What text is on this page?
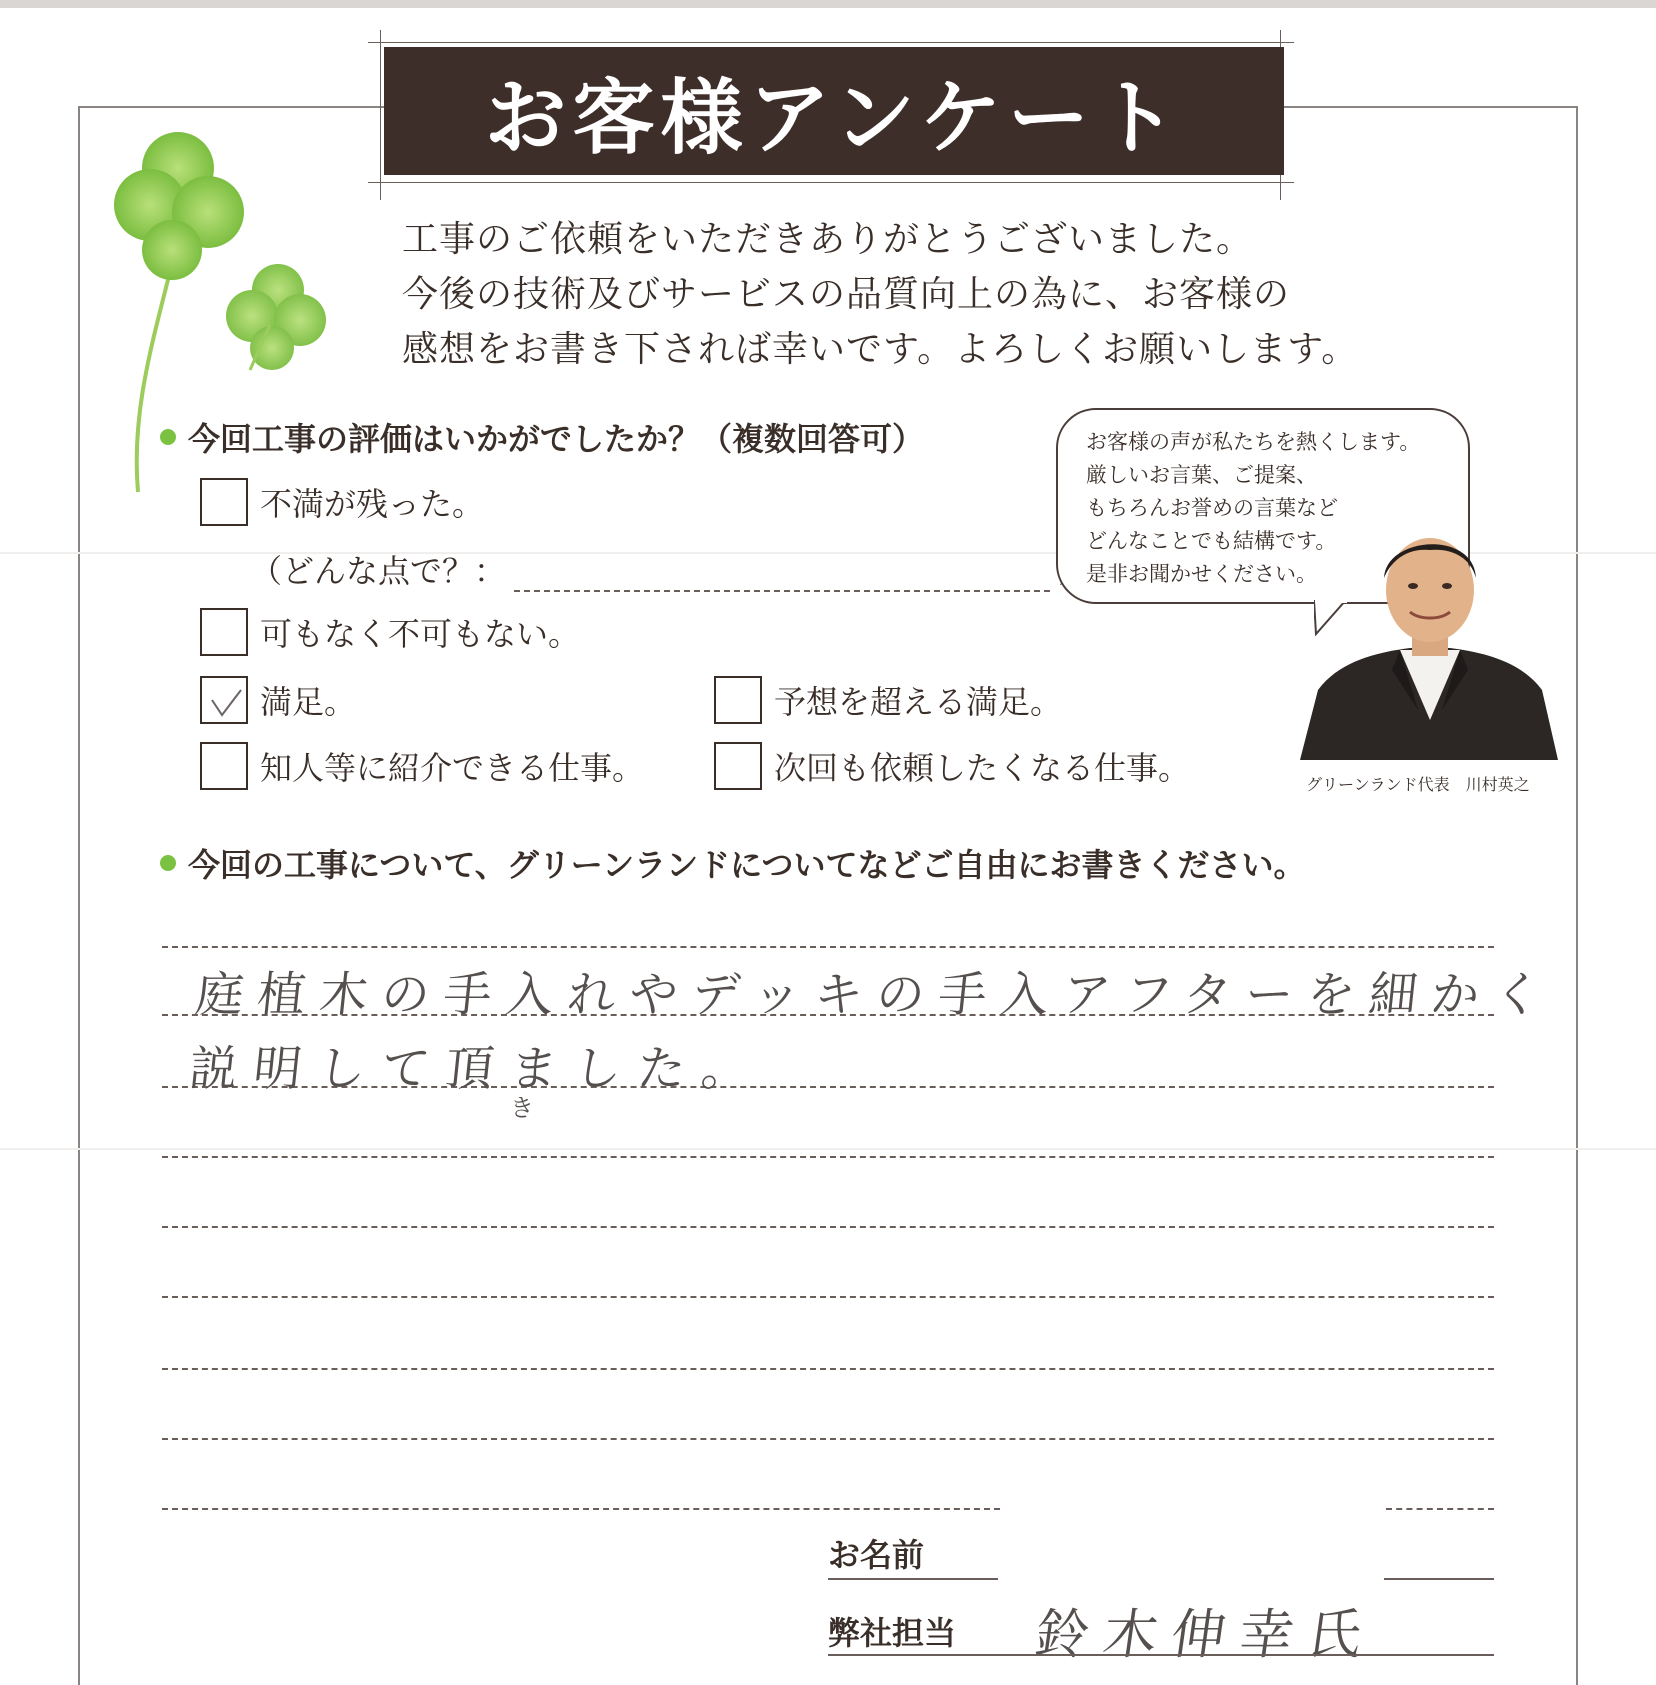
お客様アンケート
工事のご依頼をいただきありがとうございました。
今後の技術及びサービスの品質向上の為に、お客様の
感想をお書き下されば幸いです。よろしくお願いします。
今回工事の評価はいかがでしたか？（複数回答可）
不満が残った。
（どんな点で？：
可もなく不可もない。
満足。	予想を超える満足。
知人等に紹介できる仕事。	次回も依頼したくなる仕事。
お客様の声が私たちを熱くします。
厳しいお言葉、ご提案、
もちろんお誉めの言葉など
どんなことでも結構です。
是非お聞かせください。
グリーンランド代表　川村英之
今回の工事について、グリーンランドについてなどご自由にお書きください。
庭植木の手入れやデッキの手入アフターを細かく
説明して頂ました。
き
お名前
弊社担当 鈴木伸幸氏
